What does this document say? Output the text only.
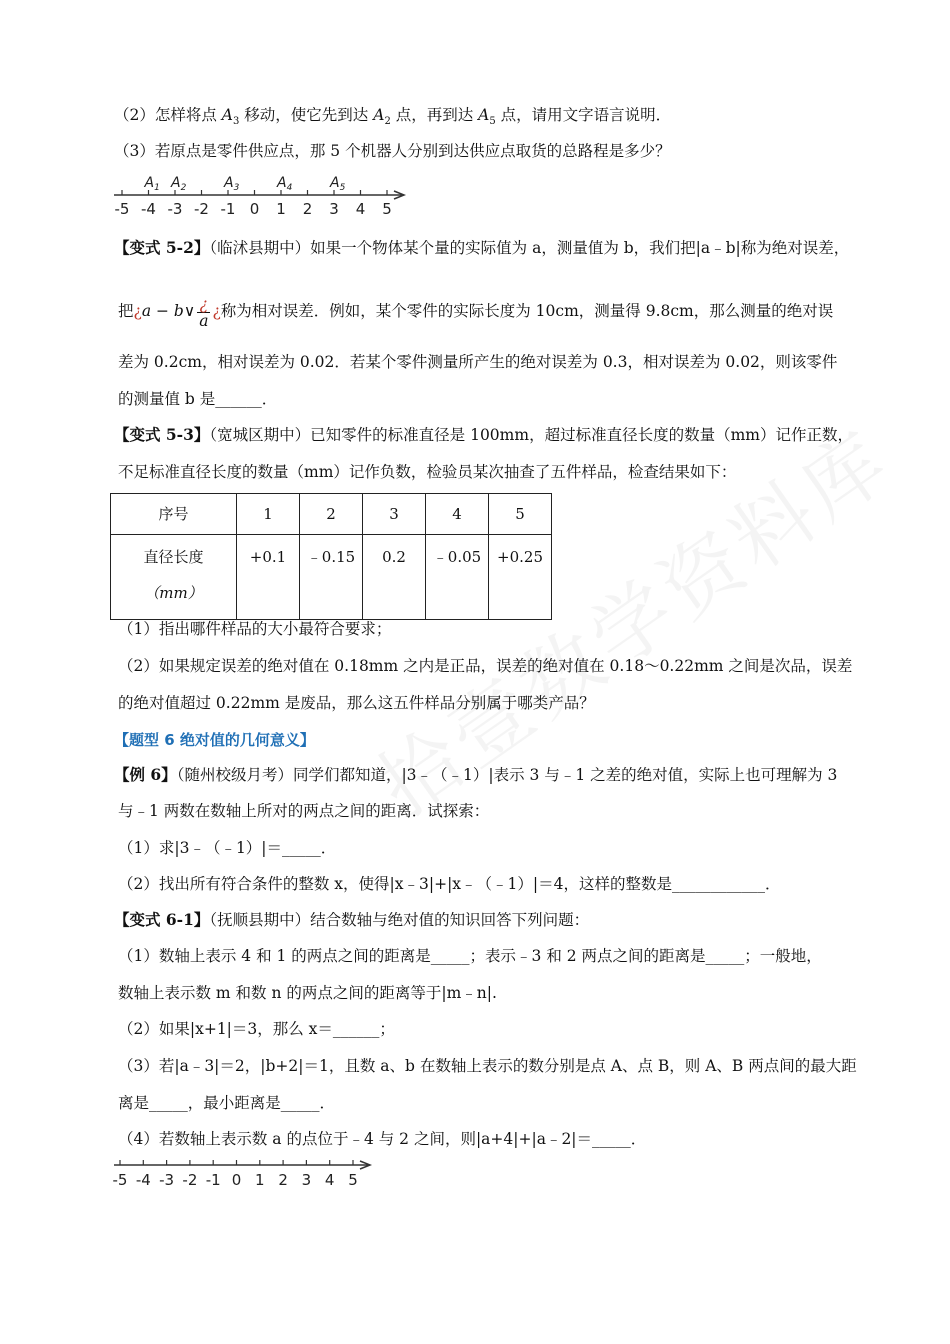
（2）怎样将点 $A_3$ 移动，使它先到达 $A_2$ 点，再到达 $A_5$ 点，请用文字语言说明．
（3）若原点是零件供应点，那 5 个机器人分别到达供应点取货的总路程是多少？
-5 -4 -3 -2 -1 0 1 2 3 4 5
$A_1$ $A_2$	$A_3$	$A_4$	$A_5$
【变式 5-2】（临沭县期中）如果一个物体某个量的实际值为 a，测量值为 b，我们把|a﹣b|称为绝对误差，
把¿a − b∨ $\frac{¿}{a}$ ¿称为相对误差．例如，某个零件的实际长度为 10cm，测量得 9.8cm，那么测量的绝对误
差为 0.2cm，相对误差为 0.02．若某个零件测量所产生的绝对误差为 0.3，相对误差为 0.02，则该零件
的测量值 b 是______．
【变式 5-3】（宽城区期中）已知零件的标准直径是 100mm，超过标准直径长度的数量（mm）记作正数，
不足标准直径长度的数量（mm）记作负数，检验员某次抽查了五件样品，检查结果如下：
序号	1	2	3	4	5

直径长度
（mm）	+0.1	﹣0.15	0.2	﹣0.05	+0.25
（1）指出哪件样品的大小最符合要求；
（2）如果规定误差的绝对值在 0.18mm 之内是正品，误差的绝对值在 0.18～0.22mm 之间是次品，误差
的绝对值超过 0.22mm 是废品，那么这五件样品分别属于哪类产品？
【题型 6 绝对值的几何意义】
【例 6】（随州校级月考）同学们都知道，|3﹣（﹣1）|表示 3 与﹣1 之差的绝对值，实际上也可理解为 3
与﹣1 两数在数轴上所对的两点之间的距离．试探索：
（1）求|3﹣（﹣1）|＝_____．
（2）找出所有符合条件的整数 x，使得|x﹣3|+|x﹣（﹣1）|＝4，这样的整数是____________．
【变式 6-1】（抚顺县期中）结合数轴与绝对值的知识回答下列问题：
（1）数轴上表示 4 和 1 的两点之间的距离是_____；表示﹣3 和 2 两点之间的距离是_____；一般地，
数轴上表示数 m 和数 n 的两点之间的距离等于|m﹣n|.
（2）如果|x+1|＝3，那么 x＝______；
（3）若|a﹣3|＝2，|b+2|＝1，且数 a、b 在数轴上表示的数分别是点 A、点 B，则 A、B 两点间的最大距
离是_____，最小距离是_____．
（4）若数轴上表示数 a 的点位于﹣4 与 2 之间，则|a+4|+|a﹣2|＝_____．
-5 -4 -3 -2 -1 0 1 2 3 4 5
